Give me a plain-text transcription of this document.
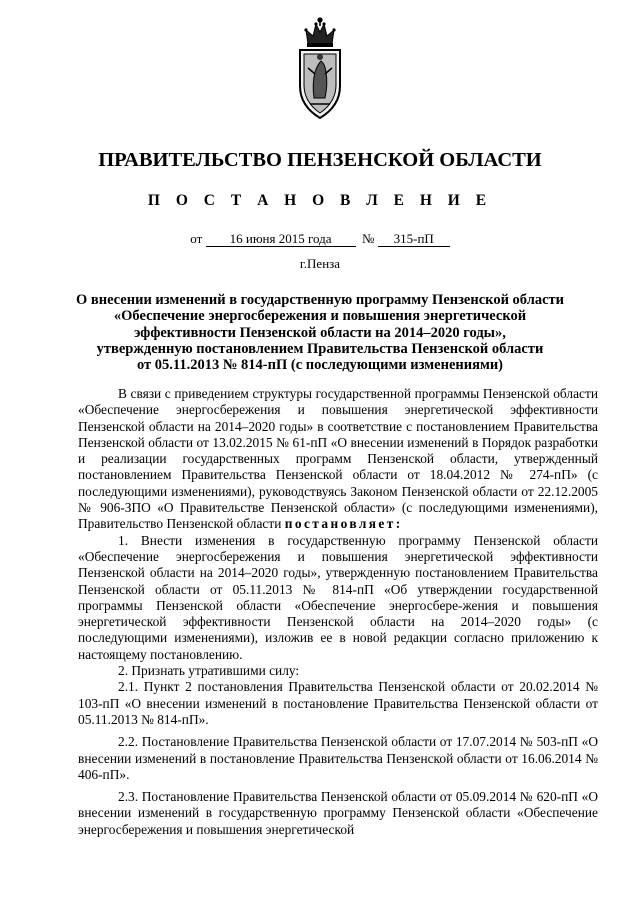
ПРАВИТЕЛЬСТВО ПЕНЗЕНСКОЙ ОБЛАСТИ
П О С Т А Н О В Л Е Н И Е
от 16 июня 2015 года № 315-пП
г.Пенза
О внесении изменений в государственную программу Пензенской области
«Обеспечение энергосбережения и повышения энергетической
эффективности Пензенской области на 2014–2020 годы»,
утвержденную постановлением Правительства Пензенской области
от 05.11.2013 № 814-пП (с последующими изменениями)

В связи с приведением структуры государственной программы Пензенской области «Обеспечение энергосбережения и повышения энергетической эффективности Пензенской области на 2014–2020 годы» в соответствие с постановлением Правительства Пензенской области от 13.02.2015 № 61-пП «О внесении изменений в Порядок разработки и реализации государственных программ Пензенской области, утвержденный постановлением Правительства Пензенской области от 18.04.2012 № 274-пП» (с последующими изменениями), руководствуясь Законом Пензенской области от 22.12.2005 № 906-ЗПО «О Правительстве Пензенской области» (с последующими изменениями), Правительство Пензенской области постановляет:

1. Внести изменения в государственную программу Пензенской области «Обеспечение энергосбережения и повышения энергетической эффективности Пензенской области на 2014–2020 годы», утвержденную постановлением Правительства Пензенской области от 05.11.2013 № 814-пП «Об утверждении государственной программы Пензенской области «Обеспечение энергосбере-жения и повышения энергетической эффективности Пензенской области на 2014–2020 годы» (с последующими изменениями), изложив ее в новой редакции согласно приложению к настоящему постановлению.

2. Признать утратившими силу:

2.1. Пункт 2 постановления Правительства Пензенской области от 20.02.2014 № 103-пП «О внесении изменений в постановление Правительства Пензенской области от 05.11.2013 № 814-пП».

2.2. Постановление Правительства Пензенской области от 17.07.2014 № 503-пП «О внесении изменений в постановление Правительства Пензенской области от 16.06.2014 № 406-пП».

2.3. Постановление Правительства Пензенской области от 05.09.2014 № 620-пП «О внесении изменений в государственную программу Пензенской области «Обеспечение энергосбережения и повышения энергетической
